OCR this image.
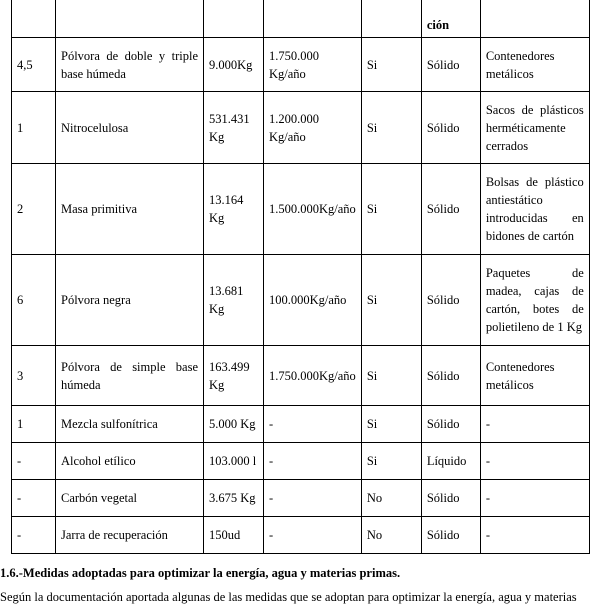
					ción	
4,5	Pólvora de doble y triple base húmeda	9.000Kg	1.750.000 Kg/año	Si	Sólido	Contenedores metálicos
1	Nitrocelulosa	531.431 Kg	1.200.000 Kg/año	Si	Sólido	Sacos de plásticos herméticamente cerrados
2	Masa primitiva	13.164 Kg	1.500.000Kg/año	Si	Sólido	Bolsas de plástico antiestático introducidas en bidones de cartón
6	Pólvora negra	13.681 Kg	100.000Kg/año	Si	Sólido	Paquetes de madea, cajas de cartón, botes de polietileno de 1 Kg
3	Pólvora de simple base húmeda	163.499 Kg	1.750.000Kg/año	Si	Sólido	Contenedores metálicos
1	Mezcla sulfonítrica	5.000 Kg	-	Si	Sólido	-
-	Alcohol etílico	103.000 l	-	Si	Líquido	-
-	Carbón vegetal	3.675 Kg	-	No	Sólido	-
-	Jarra de recuperación	150ud	-	No	Sólido	-
1.6.-Medidas adoptadas para optimizar la energía, agua y materias primas.
Según la documentación aportada algunas de las medidas que se adoptan para optimizar la energía, agua y materias
